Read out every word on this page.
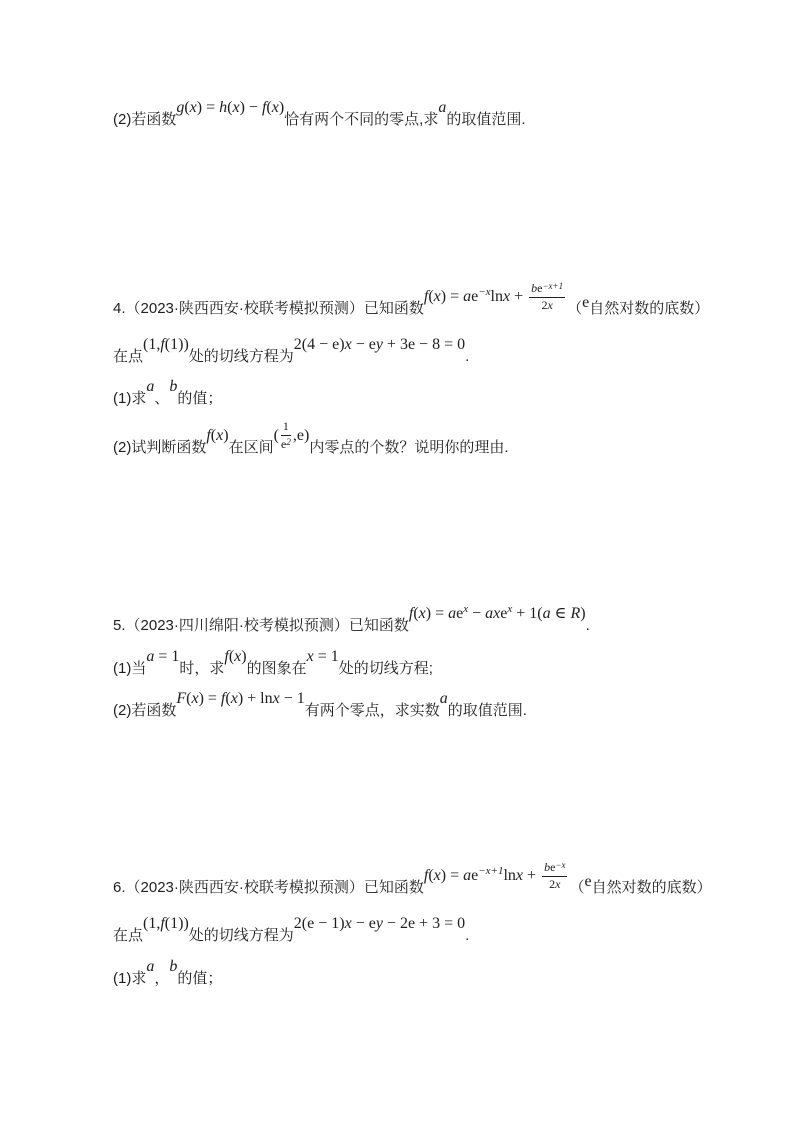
(2)若函数g(x) = h(x) − f(x)恰有两个不同的零点,求a的取值范围.
4.（2023·陕西西安·校联考模拟预测）已知函数$f(x) = ae^{-x}\ln x + \frac{be^{-x+1}}{2x} (e$自然对数的底数）
在点(1,f(1))处的切线方程为2(4 − e)x − ey + 3e − 8 = 0.
(1)求a、b的值；
(2)试判断函数f(x)在区间( $\frac{1}{e^2} ,e$)内零点的个数？说明你的理由.
5.（2023·四川绵阳·校考模拟预测）已知函数$f(x) = ae^x - axe^x + 1(a$ ∈ R).
(1)当a = 1时，求f(x)的图象在x = 1处的切线方程;
(2)若函数F(x) = f(x) + lnx − 1有两个零点，求实数a的取值范围.
6.（2023·陕西西安·校联考模拟预测）已知函数$f(x) = ae^{-x+1}\ln x + \frac{be^{-x}}{2x} (e$自然对数的底数）
在点(1,f(1))处的切线方程为2(e − 1)x − ey − 2e + 3 = 0.
(1)求a，b的值；
